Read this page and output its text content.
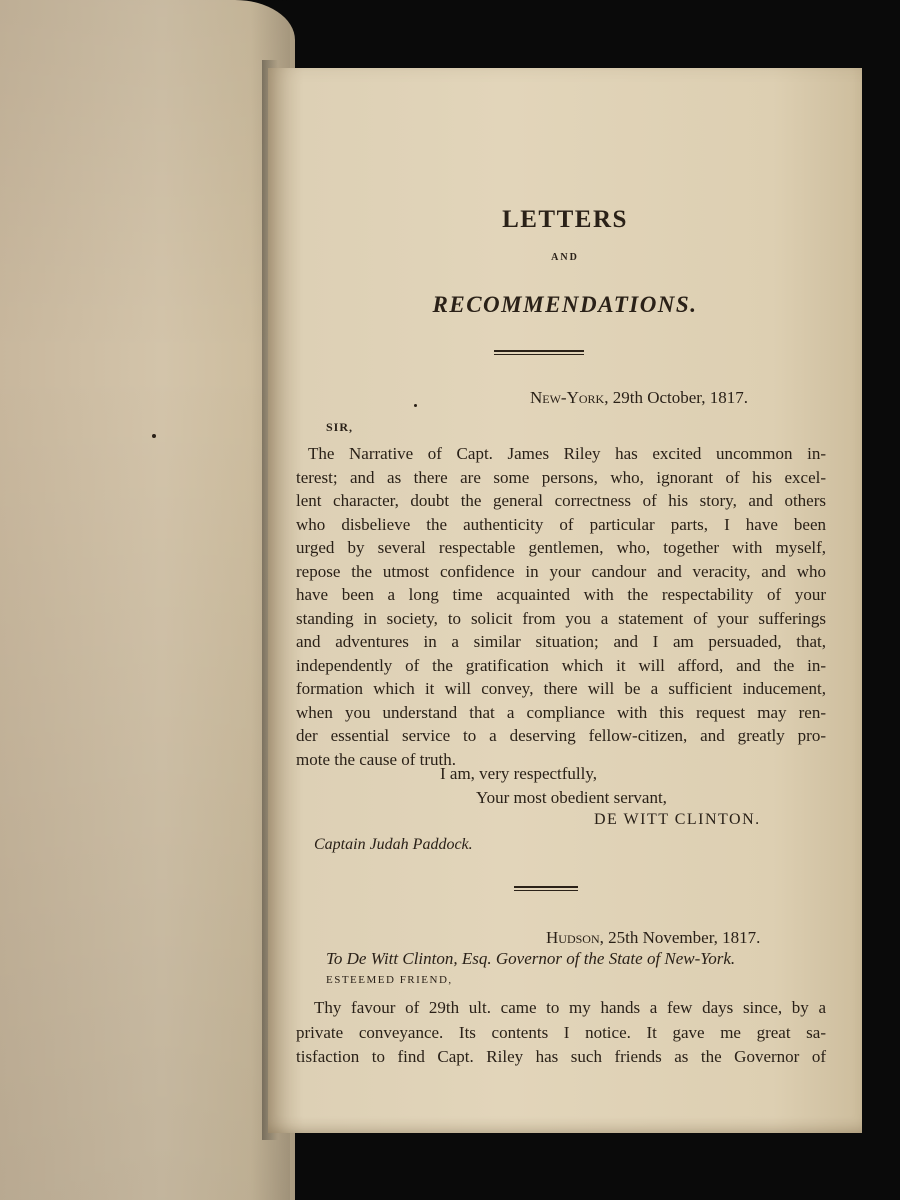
LETTERS
AND
RECOMMENDATIONS.
New-York, 29th October, 1817.
SIR,
The Narrative of Capt. James Riley has excited uncommon in-
terest; and as there are some persons, who, ignorant of his excel-
lent character, doubt the general correctness of his story, and others
who disbelieve the authenticity of particular parts, I have been
urged by several respectable gentlemen, who, together with myself,
repose the utmost confidence in your candour and veracity, and who
have been a long time acquainted with the respectability of your
standing in society, to solicit from you a statement of your sufferings
and adventures in a similar situation; and I am persuaded, that,
independently of the gratification which it will afford, and the in-
formation which it will convey, there will be a sufficient inducement,
when you understand that a compliance with this request may ren-
der essential service to a deserving fellow-citizen, and greatly pro-
mote the cause of truth.
I am, very respectfully,
Your most obedient servant,
DE WITT CLINTON.
Captain Judah Paddock.
Hudson, 25th November, 1817.
To De Witt Clinton, Esq. Governor of the State of New-York.
ESTEEMED FRIEND,
Thy favour of 29th ult. came to my hands a few days since, by a
private conveyance. Its contents I notice. It gave me great sa-
tisfaction to find Capt. Riley has such friends as the Governor of
